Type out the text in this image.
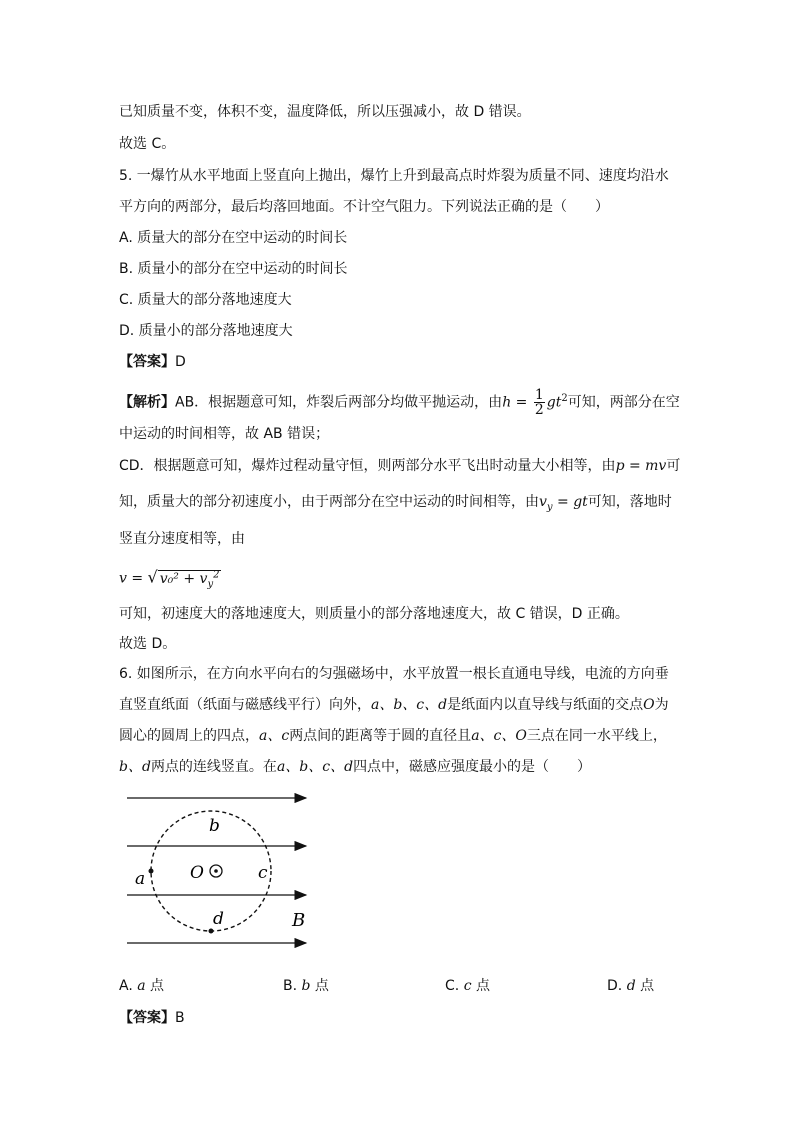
已知质量不变，体积不变，温度降低，所以压强减小，故 D 错误。
故选 C。
5. 一爆竹从水平地面上竖直向上抛出，爆竹上升到最高点时炸裂为质量不同、速度均沿水
平方向的两部分，最后均落回地面。不计空气阻力。下列说法正确的是（　　）
A. 质量大的部分在空中运动的时间长
B. 质量小的部分在空中运动的时间长
C. 质量大的部分落地速度大
D. 质量小的部分落地速度大
【答案】D
【解析】AB．根据题意可知，炸裂后两部分均做平抛运动，由$h = \frac{1}{2} gt^2$可知，两部分在空
中运动的时间相等，故 AB 错误；
CD．根据题意可知，爆炸过程动量守恒，则两部分水平飞出时动量大小相等，由p = mv可
知，质量大的部分初速度小，由于两部分在空中运动的时间相等，由$v_y$ = gt可知，落地时
竖直分速度相等，由
v = √ $v_0^2 + v_y^2$
可知，初速度大的落地速度大，则质量小的部分落地速度大，故 C 错误，D 正确。
故选 D。
6. 如图所示，在方向水平向右的匀强磁场中，水平放置一根长直通电导线，电流的方向垂
直竖直纸面（纸面与磁感线平行）向外，a、b、c、d是纸面内以直导线与纸面的交点O为
圆心的圆周上的四点，a、c两点间的距离等于圆的直径且a、c、O三点在同一水平线上，
b、d两点的连线竖直。在a、b、c、d四点中，磁感应强度最小的是（　　）
a
b
c
d
O
B
A. a 点	B. b 点	C. c 点	D. d 点
【答案】B
